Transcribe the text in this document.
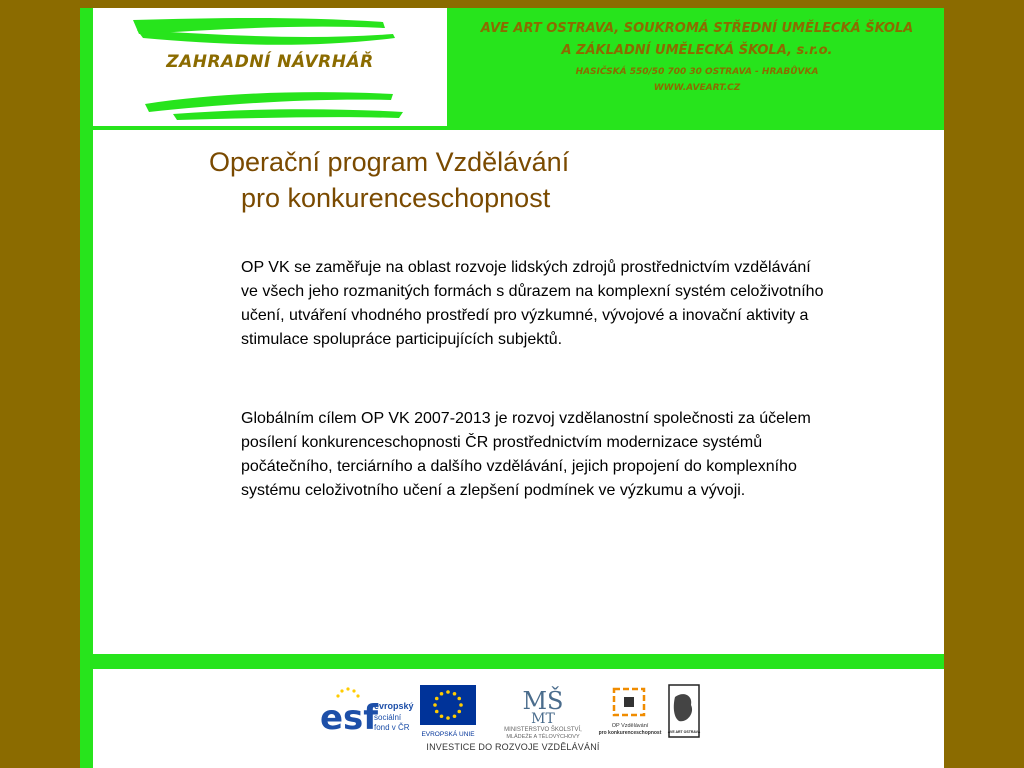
ZAHRADNÍ NÁVRHÁŘ
AVE ART OSTRAVA, SOUKROMÁ STŘEDNÍ UMĚLECKÁ ŠKOLA
A ZÁKLADNÍ UMĚLECKÁ ŠKOLA, s.r.o.
HASIČSKÁ 550/50 700 30 OSTRAVA - HRABŮVKA
WWW.AVEART.CZ
Operační program Vzdělávání
pro konkurenceschopnost

OP VK se zaměřuje na oblast rozvoje lidských zdrojů prostřednictvím vzdělávání ve všech jeho rozmanitých formách s důrazem na komplexní systém celoživotního učení, utváření vhodného prostředí pro výzkumné, vývojové a inovační aktivity a stimulace spolupráce participujících subjektů.

Globálním cílem OP VK 2007-2013 je rozvoj vzdělanostní společnosti za účelem posílení konkurenceschopnosti ČR prostřednictvím modernizace systémů počátečního, terciárního a dalšího vzdělávání, jejich propojení do komplexního systému celoživotního učení a zlepšení podmínek ve výzkumu a vývoji.

esf
evropský
sociální
fond v ČR
EVROPSKÁ UNIE
MŠ
MT
MINISTERSTVO ŠKOLSTVÍ,
MLÁDEŽE A TĚLOVÝCHOVY
OP Vzdělávání
pro konkurenceschopnost AVE ART OSTRAVA
INVESTICE DO ROZVOJE VZDĚLÁVÁNÍ
